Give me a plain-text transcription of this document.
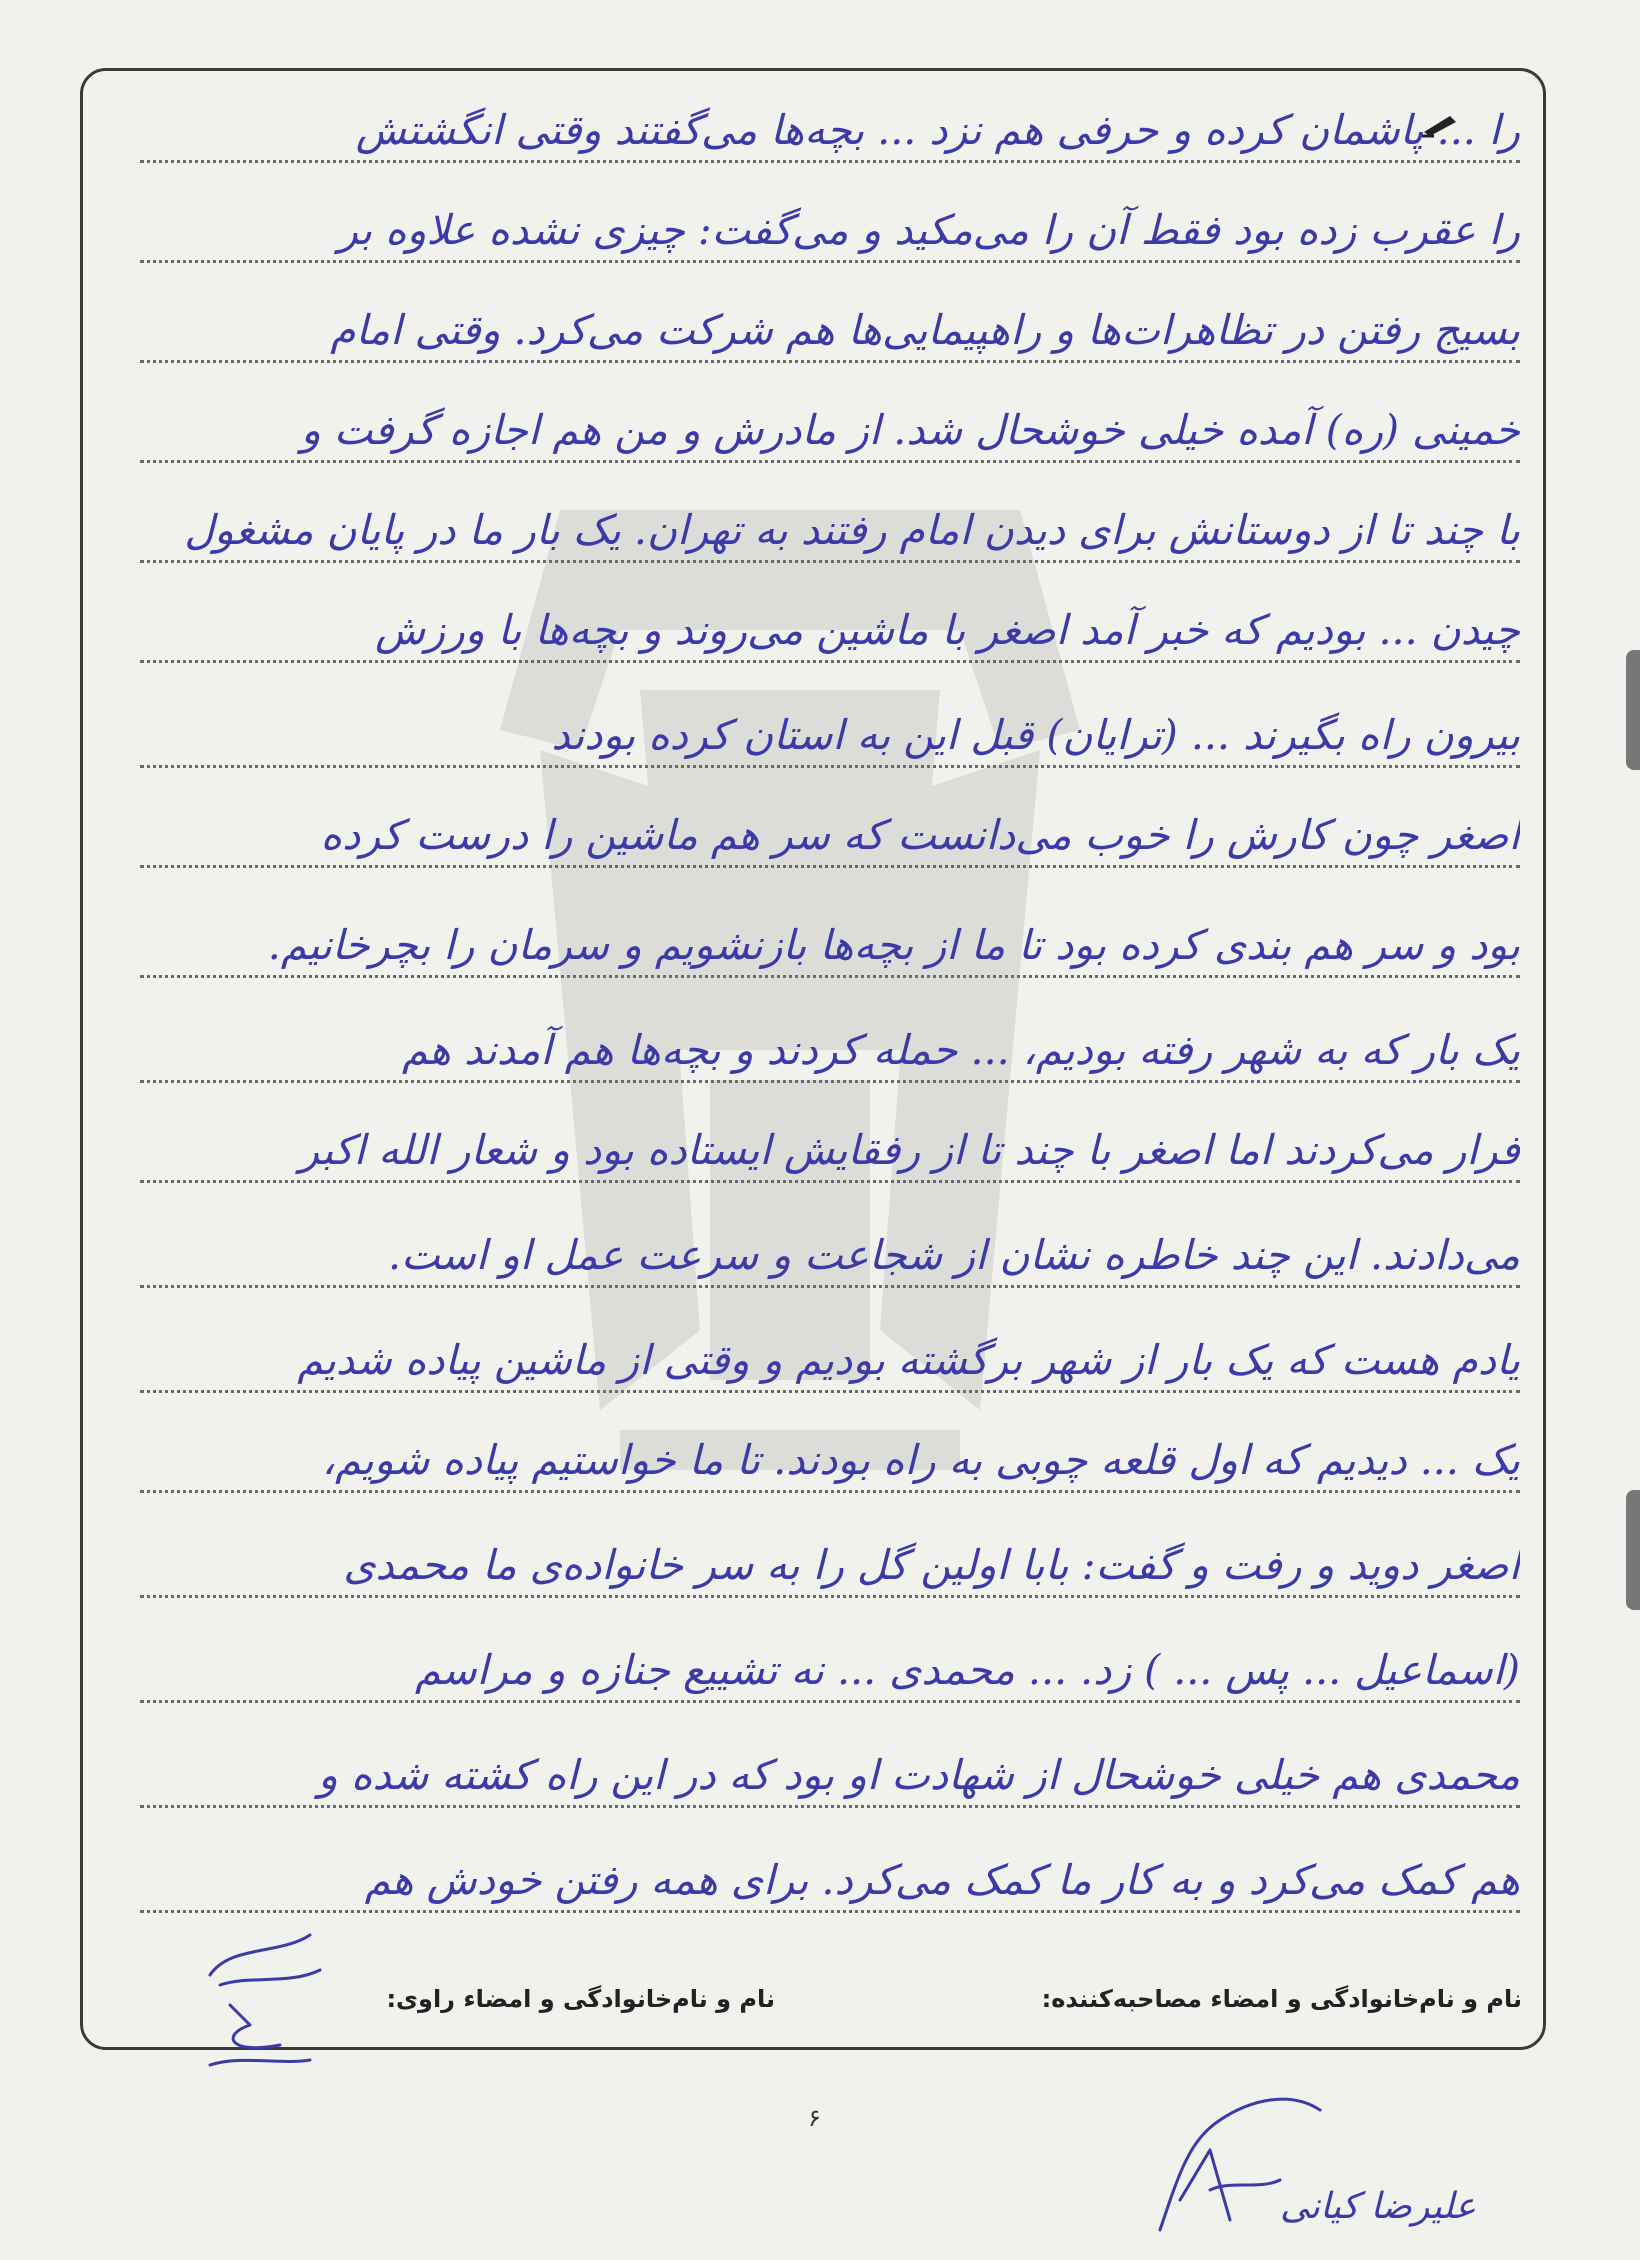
را ... پاشمان کرده و حرفی هم نزد ... بچه‌ها می‌گفتند وقتی انگشتش
را عقرب زده بود فقط آن را می‌مکید و می‌گفت: چیزی نشده علاوه بر
بسیج رفتن در تظاهرات‌ها و راهپیمایی‌ها هم شرکت می‌کرد. وقتی امام
خمینی (ره) آمده خیلی خوشحال شد. از مادرش و من هم اجازه گرفت و
با چند تا از دوستانش برای دیدن امام رفتند به تهران. یک بار ما در پایان مشغول
چیدن ... بودیم که خبر آمد اصغر با ماشین می‌روند و بچه‌ها با ورزش
بیرون راه بگیرند ... (ترایان) قبل این به استان کرده بودند
اصغر چون کارش را خوب می‌دانست که سر هم ماشین را درست کرده
بود و سر هم بندی کرده بود تا ما از بچه‌ها بازنشویم و سرمان را بچرخانیم.
یک بار که به شهر رفته بودیم، ... حمله کردند و بچه‌ها هم آمدند هم
فرار می‌کردند اما اصغر با چند تا از رفقایش ایستاده بود و شعار الله اکبر
می‌دادند. این چند خاطره نشان از شجاعت و سرعت عمل او است.
یادم هست که یک بار از شهر برگشته بودیم و وقتی از ماشین پیاده شدیم
یک ... دیدیم که اول قلعه چوبی به راه بودند. تا ما خواستیم پیاده شویم،
اصغر دوید و رفت و گفت: بابا اولین گل را به سر خانواده‌ی ما محمدی
(اسماعیل ... پس ... ) زد. ... محمدی ... نه تشییع جنازه و مراسم
محمدی هم خیلی خوشحال از شهادت او بود که در این راه کشته شده و
هم کمک می‌کرد و به کار ما کمک می‌کرد. برای همه رفتن خودش هم
نام و نام‌خانوادگی و امضاء مصاحبه‌کننده:
نام و نام‌خانوادگی و امضاء راوی:
۶
علیرضا کیانی
